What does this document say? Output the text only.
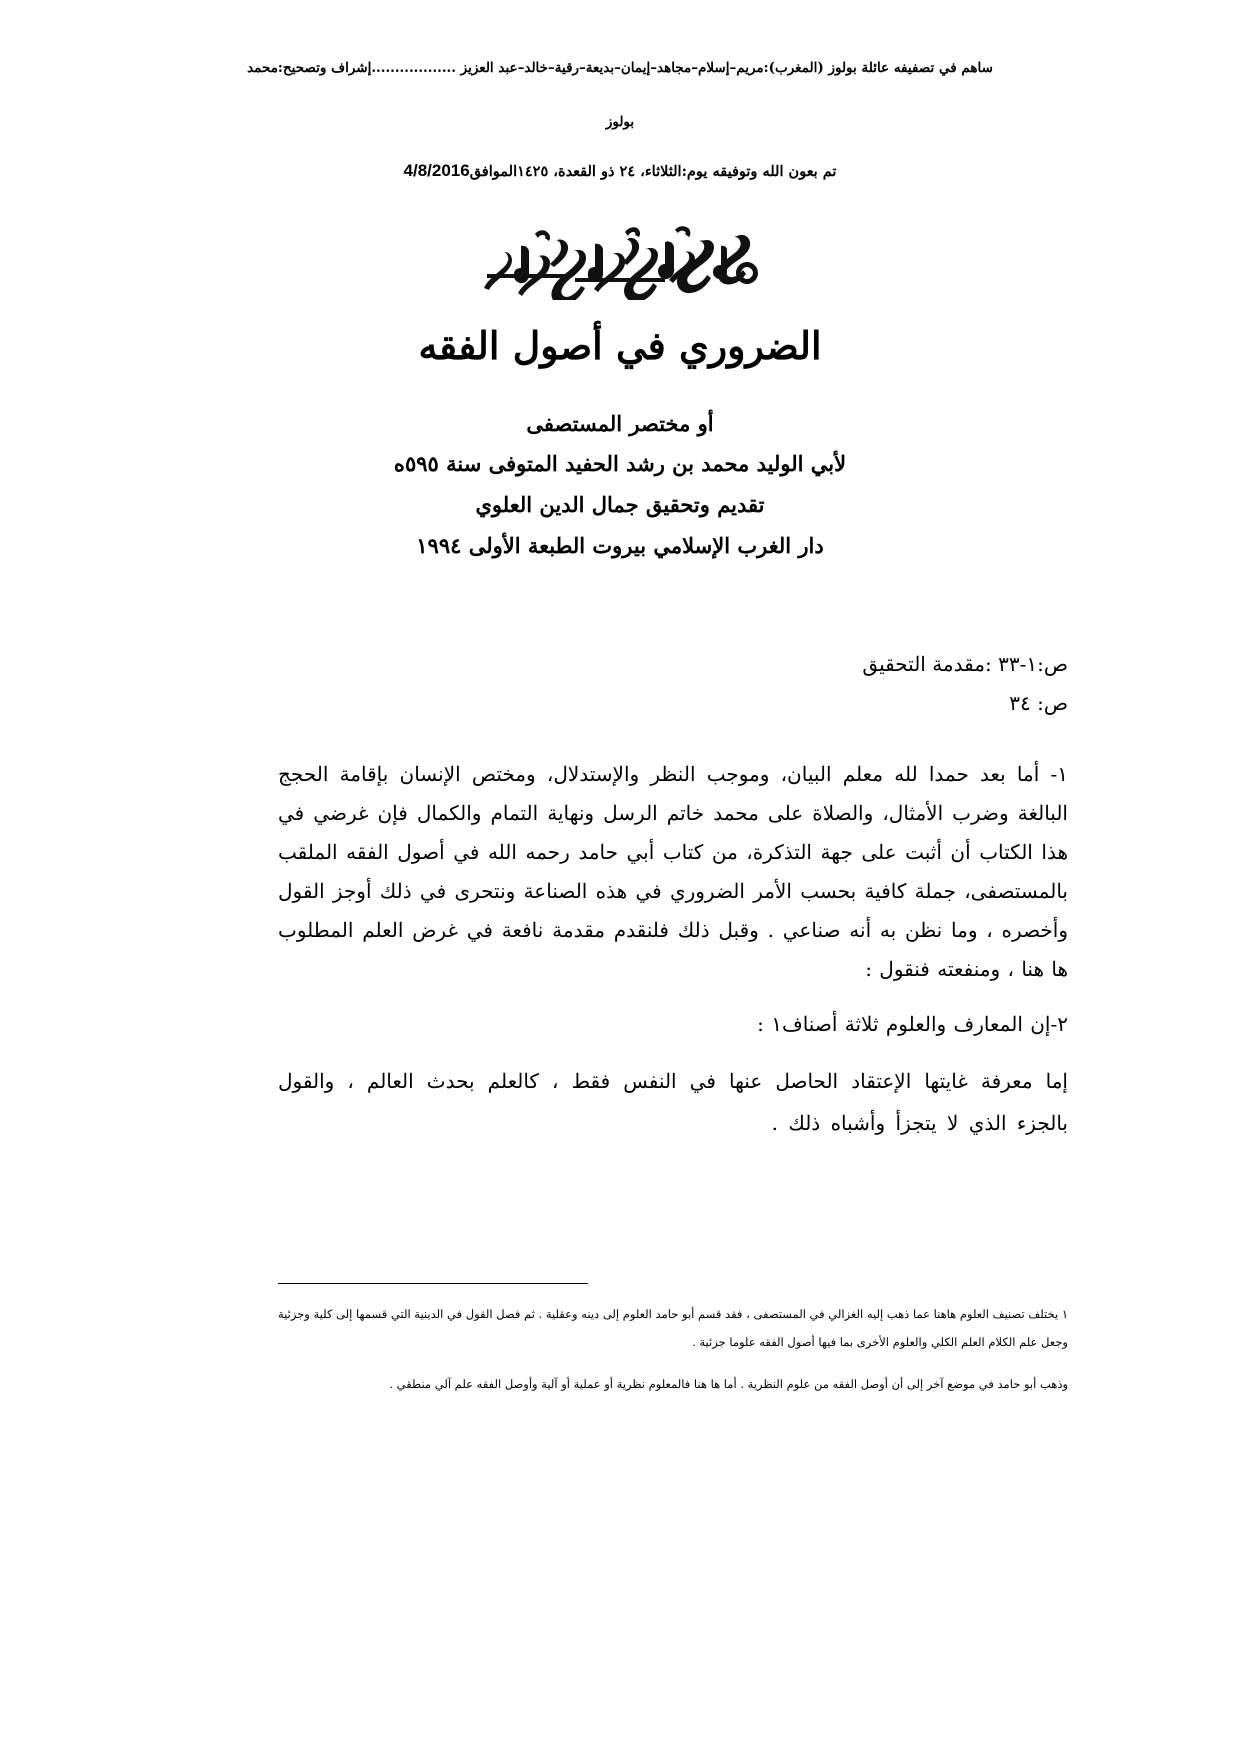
ساهم في تصفيفه عائلة بولوز (المغرب):مريم–إسلام–مجاهد–إيمان–بديعة–رقية–خالد–عبد العزيز ..................إشراف وتصحيح:محمد
بولوز
تم بعون الله وتوفيقه يوم:الثلاثاء، ٢٤ ذو القعدة، ١٤٢٥الموافق4/8/2016
الضروري في أصول الفقه

أو مختصر المستصفى

لأبي الوليد محمد بن رشد الحفيد المتوفى سنة ٥٩٥ه

تقديم وتحقيق جمال الدين العلوي

دار الغرب الإسلامي بيروت الطبعة الأولى ١٩٩٤

ص:١-٣٣ :مقدمة التحقيق

ص: ٣٤

١- أما بعد حمدا لله معلم البيان، وموجب النظر والإستدلال، ومختص الإنسان بإقامة الحجج البالغة وضرب الأمثال، والصلاة على محمد خاتم الرسل ونهاية التمام والكمال فإن غرضي في هذا الكتاب أن أثبت على جهة التذكرة، من كتاب أبي حامد رحمه الله في أصول الفقه الملقب بالمستصفى، جملة كافية بحسب الأمر الضروري في هذه الصناعة ونتحرى في ذلك أوجز القول وأخصره ، وما نظن به أنه صناعي . وقبل ذلك فلنقدم مقدمة نافعة في غرض العلم المطلوب ها هنا ، ومنفعته فنقول :

٢-إن المعارف والعلوم ثلاثة أصناف١ :

إما معرفة غايتها الإعتقاد الحاصل عنها في النفس فقط ، كالعلم بحدث العالم ، والقول بالجزء الذي لا يتجزأ وأشباه ذلك .

١ يختلف تصنيف العلوم هاهنا عما ذهب إليه الغزالي في المستصفى ، فقد قسم أبو حامد العلوم إلى دينه وعقلية . ثم فصل القول في الدينية التي قسمها إلى كلية وجزئية وجعل علم الكلام العلم الكلي والعلوم الأخرى بما فيها أصول الفقه علوما جزئية .

وذهب أبو حامد في موضع آخر إلى أن أوصل الفقه من علوم النظرية . أما ها هنا فالمعلوم نظرية أو عملية أو آلية وأوصل الفقه علم آلي منطقي .
